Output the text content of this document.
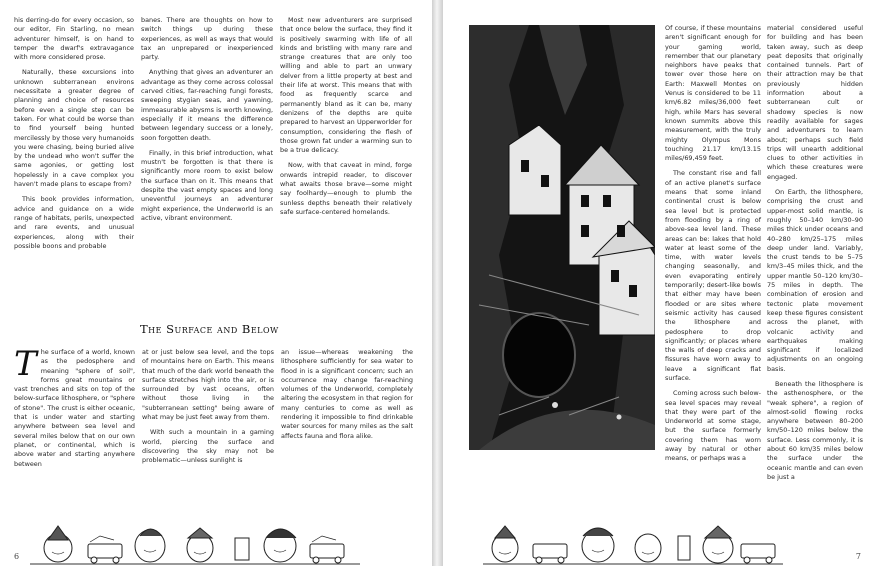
his derring-do for every occasion, so our editor, Fin Starling, no mean adventurer himself, is on hand to temper the dwarf's extravagance with more considered prose.

Naturally, these excursions into unknown subterranean environs necessitate a greater degree of planning and choice of resources before even a single step can be taken. For what could be worse than to find yourself being hunted mercilessly by those very humanoids you were chasing, being buried alive by the undead who won't suffer the same agonies, or getting lost hopelessly in a cave complex you haven't made plans to escape from?

This book provides information, advice and guidance on a wide range of habitats, perils, unexpected and rare events, and unusual experiences, along with their possible boons and probable

banes. There are thoughts on how to switch things up during these experiences, as well as ways that would tax an unprepared or inexperienced party.

Anything that gives an adventurer an advantage as they come across colossal carved cities, far-reaching fungi forests, sweeping stygian seas, and yawning, immeasurable abysms is worth knowing, especially if it means the difference between legendary success or a lonely, soon forgotten death.

Finally, in this brief introduction, what mustn't be forgotten is that there is significantly more room to exist below the surface than on it. This means that despite the vast empty spaces and long uneventful journeys an adventurer might experience, the Underworld is an active, vibrant environment.

Most new adventurers are surprised that once below the surface, they find it is positively swarming with life of all kinds and bristling with many rare and strange creatures that are only too willing and able to part an unwary delver from a little property at best and their life at worst. This means that with food as frequently scarce and permanently bland as it can be, many denizens of the depths are quite prepared to harvest an Upperworlder for consumption, considering the flesh of those grown fat under a warming sun to be a true delicacy.

Now, with that caveat in mind, forge onwards intrepid reader, to discover what awaits those brave—some might say foolhardy—enough to plumb the sunless depths beneath their relatively safe surface-centered homelands.

The Surface and Below
T he surface of a world, known as the pedosphere and meaning "sphere of soil", forms great mountains or vast trenches and sits on top of the below-surface lithosphere, or "sphere of stone". The crust is either oceanic, that is under water and starting anywhere between sea level and several miles below that on our own planet, or continental, which is above water and starting anywhere between

at or just below sea level, and the tops of mountains here on Earth. This means that much of the dark world beneath the surface stretches high into the air, or is surrounded by vast oceans, often without those living in the "subterranean setting" being aware of what may be just feet away from them.

With such a mountain in a gaming world, piercing the surface and discovering the sky may not be problematic—unless sunlight is

an issue—whereas weakening the lithosphere sufficiently for sea water to flood in is a significant concern; such an occurrence may change far-reaching volumes of the Underworld, completely altering the ecosystem in that region for many centuries to come as well as rendering it impossible to find drinkable water sources for many miles as the salt affects fauna and flora alike.

6

Of course, if these mountains aren't significant enough for your gaming world, remember that our planetary neighbors have peaks that tower over those here on Earth: Maxwell Montes on Venus is considered to be 11 km/6.82 miles/36,000 feet high, while Mars has several known summits above this measurement, with the truly mighty Olympus Mons touching 21.17 km/13.15 miles/69,459 feet.

The constant rise and fall of an active planet's surface means that some inland continental crust is below sea level but is protected from flooding by a ring of above-sea level land. These areas can be: lakes that hold water at least some of the time, with water levels changing seasonally, and even evaporating entirely temporarily; desert-like bowls that either may have been flooded or are sites where seismic activity has caused the lithosphere and pedosphere to drop significantly; or places where the walls of deep cracks and fissures have worn away to leave a significant flat surface.

Coming across such below-sea level spaces may reveal that they were part of the Underworld at some stage, but the surface formerly covering them has worn away by natural or other means, or perhaps was a

material considered useful for building and has been taken away, such as deep peat deposits that originally contained tunnels. Part of their attraction may be that previously hidden information about a subterranean cult or shadowy species is now readily available for sages and adventurers to learn about; perhaps such field trips will unearth additional clues to other activities in which these creatures were engaged.

On Earth, the lithosphere, comprising the crust and upper-most solid mantle, is roughly 50–140 km/30–90 miles thick under oceans and 40–280 km/25–175 miles deep under land. Variably, the crust tends to be 5–75 km/3–45 miles thick, and the upper mantle 50–120 km/30–75 miles in depth. The combination of erosion and tectonic plate movement keep these figures consistent across the planet, with volcanic activity and earthquakes making significant if localized adjustments on an ongoing basis.

Beneath the lithosphere is the asthenosphere, or the "weak sphere", a region of almost-solid flowing rocks anywhere between 80–200 km/50–120 miles below the surface. Less commonly, it is about 60 km/35 miles below the surface under the oceanic mantle and can even be just a

7
